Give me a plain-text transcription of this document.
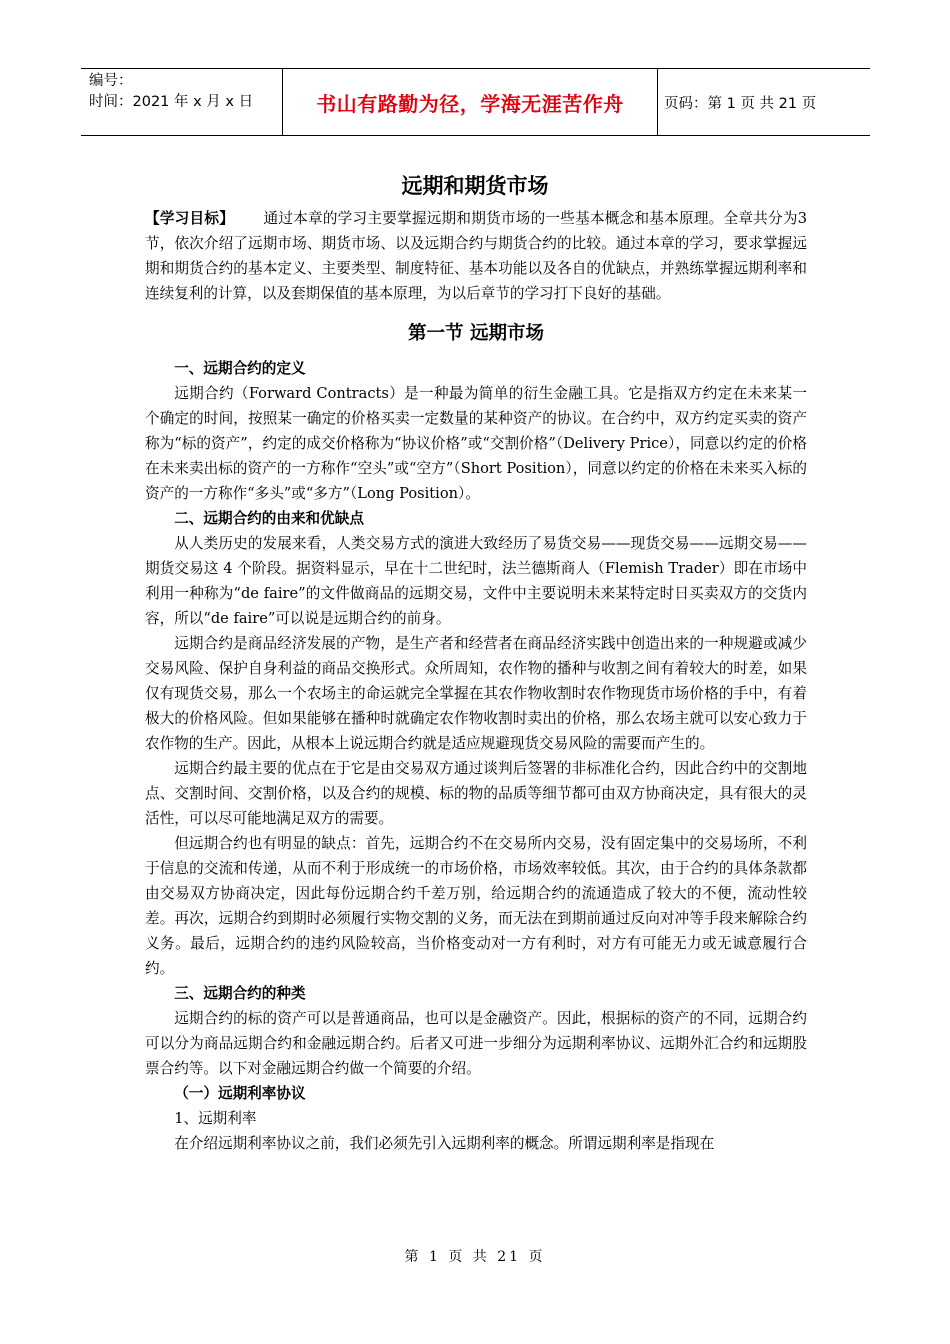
编号：
时间：2021 年 x 月 x 日	书山有路勤为径，学海无涯苦作舟	页码：第 1 页 共 21 页
远期和期货市场

【学习目标】 通过本章的学习主要掌握远期和期货市场的一些基本概念和基本原理。全章共分为3节，依次介绍了远期市场、期货市场、以及远期合约与期货合约的比较。通过本章的学习，要求掌握远期和期货合约的基本定义、主要类型、制度特征、基本功能以及各自的优缺点，并熟练掌握远期利率和连续复利的计算，以及套期保值的基本原理，为以后章节的学习打下良好的基础。

第一节 远期市场
一、远期合约的定义

远期合约（Forward Contracts）是一种最为简单的衍生金融工具。它是指双方约定在未来某一个确定的时间，按照某一确定的价格买卖一定数量的某种资产的协议。在合约中，双方约定买卖的资产称为“标的资产”，约定的成交价格称为“协议价格”或“交割价格”（Delivery Price），同意以约定的价格在未来卖出标的资产的一方称作“空头”或“空方”（Short Position），同意以约定的价格在未来买入标的资产的一方称作“多头”或“多方”（Long Position）。

二、远期合约的由来和优缺点

从人类历史的发展来看，人类交易方式的演进大致经历了易货交易——现货交易——远期交易——期货交易这 4 个阶段。据资料显示，早在十二世纪时，法兰德斯商人（Flemish Trader）即在市场中利用一种称为“de faire”的文件做商品的远期交易，文件中主要说明未来某特定时日买卖双方的交货内容，所以“de faire”可以说是远期合约的前身。

远期合约是商品经济发展的产物，是生产者和经营者在商品经济实践中创造出来的一种规避或减少交易风险、保护自身利益的商品交换形式。众所周知，农作物的播种与收割之间有着较大的时差，如果仅有现货交易，那么一个农场主的命运就完全掌握在其农作物收割时农作物现货市场价格的手中，有着极大的价格风险。但如果能够在播种时就确定农作物收割时卖出的价格，那么农场主就可以安心致力于农作物的生产。因此，从根本上说远期合约就是适应规避现货交易风险的需要而产生的。

远期合约最主要的优点在于它是由交易双方通过谈判后签署的非标准化合约，因此合约中的交割地点、交割时间、交割价格，以及合约的规模、标的物的品质等细节都可由双方协商决定，具有很大的灵活性，可以尽可能地满足双方的需要。

但远期合约也有明显的缺点：首先，远期合约不在交易所内交易，没有固定集中的交易场所，不利于信息的交流和传递，从而不利于形成统一的市场价格，市场效率较低。其次，由于合约的具体条款都由交易双方协商决定，因此每份远期合约千差万别，给远期合约的流通造成了较大的不便，流动性较差。再次，远期合约到期时必须履行实物交割的义务，而无法在到期前通过反向对冲等手段来解除合约义务。最后，远期合约的违约风险较高，当价格变动对一方有利时，对方有可能无力或无诚意履行合约。

三、远期合约的种类

远期合约的标的资产可以是普通商品，也可以是金融资产。因此，根据标的资产的不同，远期合约可以分为商品远期合约和金融远期合约。后者又可进一步细分为远期利率协议、远期外汇合约和远期股票合约等。以下对金融远期合约做一个简要的介绍。

（一）远期利率协议
1、远期利率

在介绍远期利率协议之前，我们必须先引入远期利率的概念。所谓远期利率是指现在

第 1 页 共 21 页
